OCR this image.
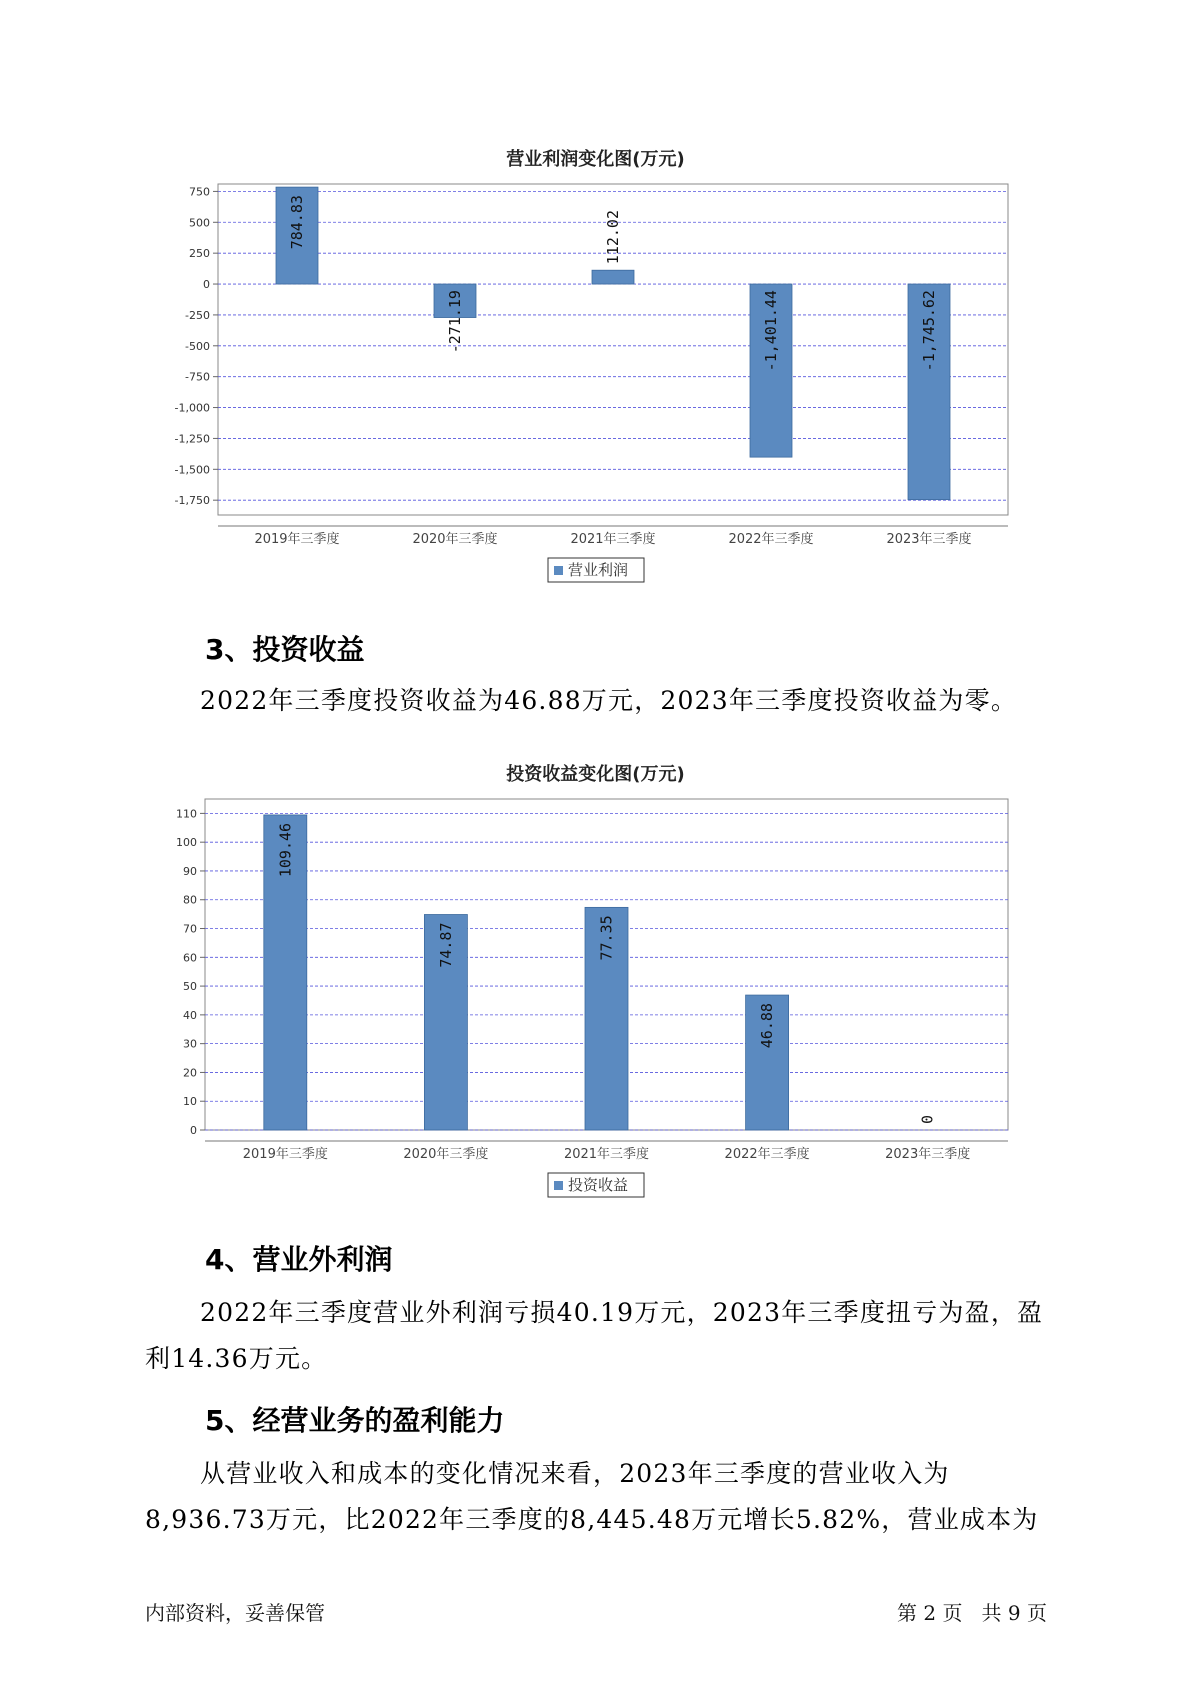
营业利润变化图(万元)
750
500
250
0
-250
-500
-750
-1,000
-1,250
-1,500
-1,750
784.83
2019年三季度
-271.19
2020年三季度
112.02
2021年三季度
-1,401.44
2022年三季度
-1,745.62
2023年三季度
营业利润
3、投资收益
2022年三季度投资收益为46.88万元，2023年三季度投资收益为零。
投资收益变化图(万元)
110
100
90
80
70
60
50
40
30
20
10
0
109.46
2019年三季度
74.87
2020年三季度
77.35
2021年三季度
46.88
2022年三季度
0
2023年三季度
投资收益
4、营业外利润
2022年三季度营业外利润亏损40.19万元，2023年三季度扭亏为盈，盈
利14.36万元。
5、经营业务的盈利能力
从营业收入和成本的变化情况来看，2023年三季度的营业收入为
8,936.73万元，比2022年三季度的8,445.48万元增长5.82%，营业成本为
内部资料，妥善保管	第 2 页   共 9 页
